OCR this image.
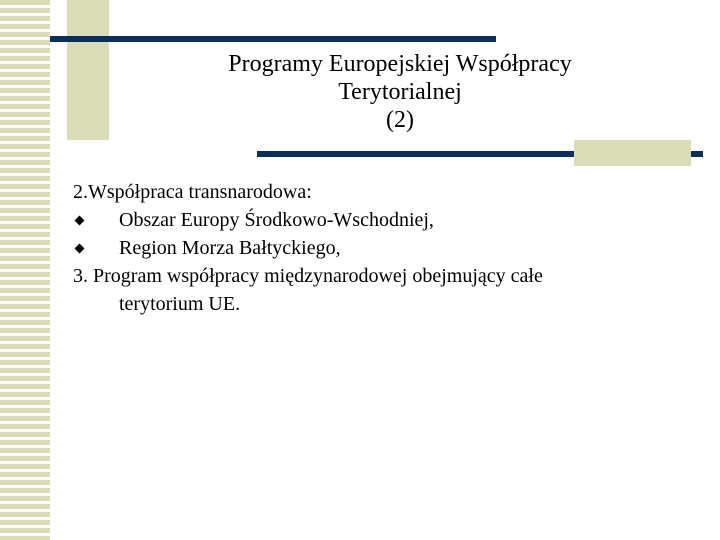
Programy Europejskiej Współpracy
Terytorialnej
(2)
2.Współpraca transnarodowa:
Obszar Europy Środkowo-Wschodniej,
Region Morza Bałtyckiego,
3. Program współpracy międzynarodowej obejmujący całe
terytorium UE.
